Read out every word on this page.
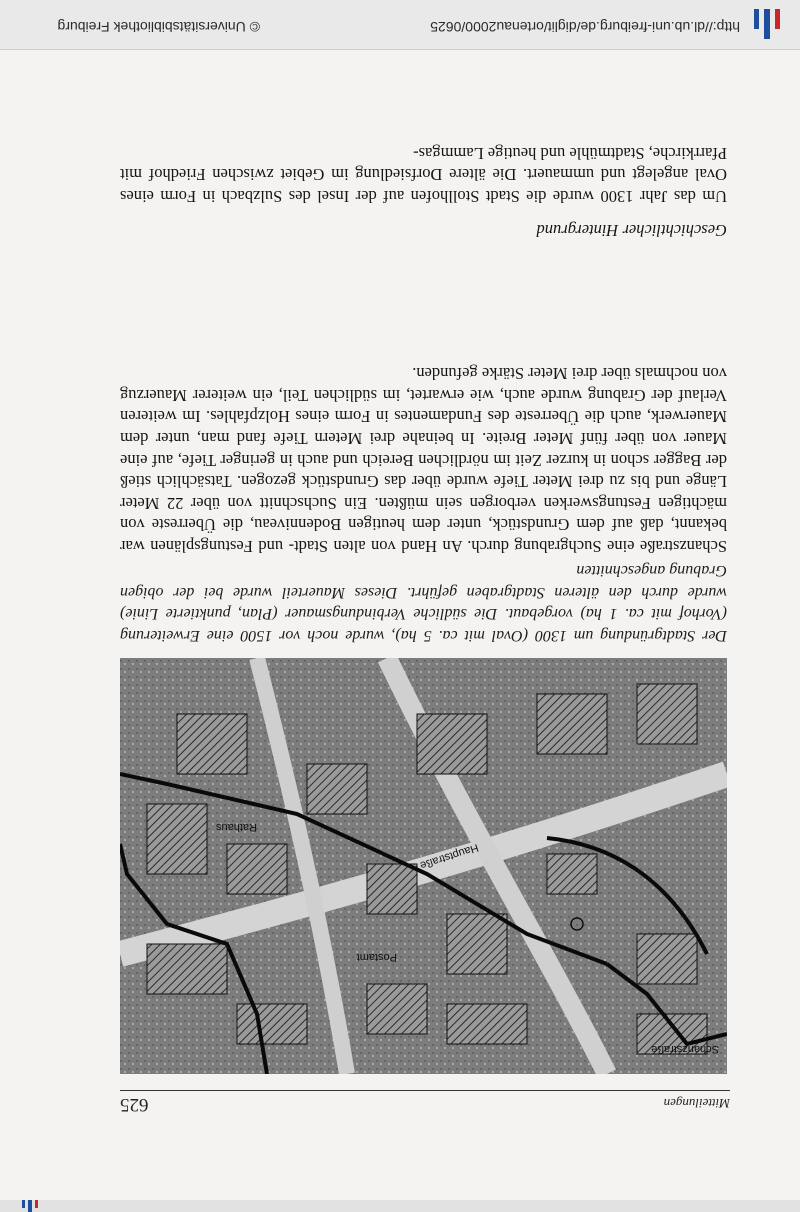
Mitteilungen
625
Schanzstraße
Hauptstraße
Postamt
Rathaus
Der Stadtgründung um 1300 (Oval mit ca. 5 ha), wurde noch vor 1500 eine Erweiterung (Vorhof mit ca. 1 ha) vorgebaut. Die südliche Verbindungsmauer (Plan, punktierte Linie) wurde durch den älteren Stadtgraben geführt. Dieses Mauerteil wurde bei der obigen Grabung angeschnitten
Schanzstraße eine Suchgrabung durch. An Hand von alten Stadt- und Festungsplänen war bekannt, daß auf dem Grundstück, unter dem heutigen Bodenniveau, die Überreste von mächtigen Festungswerken verborgen sein müßten. Ein Suchschnitt von über 22 Meter Länge und bis zu drei Meter Tiefe wurde über das Grundstück gezogen. Tatsächlich stieß der Bagger schon in kurzer Zeit im nördlichen Bereich und auch in geringer Tiefe, auf eine Mauer von über fünf Meter Breite. In beinahe drei Metern Tiefe fand man, unter dem Mauerwerk, auch die Überreste des Fundamentes in Form eines Holzpfahles. Im weiteren Verlauf der Grabung wurde auch, wie erwartet, im südlichen Teil, ein weiterer Mauerzug von nochmals über drei Meter Stärke gefunden.
Geschichtlicher Hintergrund
Um das Jahr 1300 wurde die Stadt Stollhofen auf der Insel des Sulzbach in Form eines Oval angelegt und ummauert. Die ältere Dorfsiedlung im Gebiet zwischen Friedhof mit Pfarrkirche, Stadtmühle und heutige Lammgas-
http://dl.ub.uni-freiburg.de/diglit/ortenau2000/0625
© Universitätsbibliothek Freiburg
